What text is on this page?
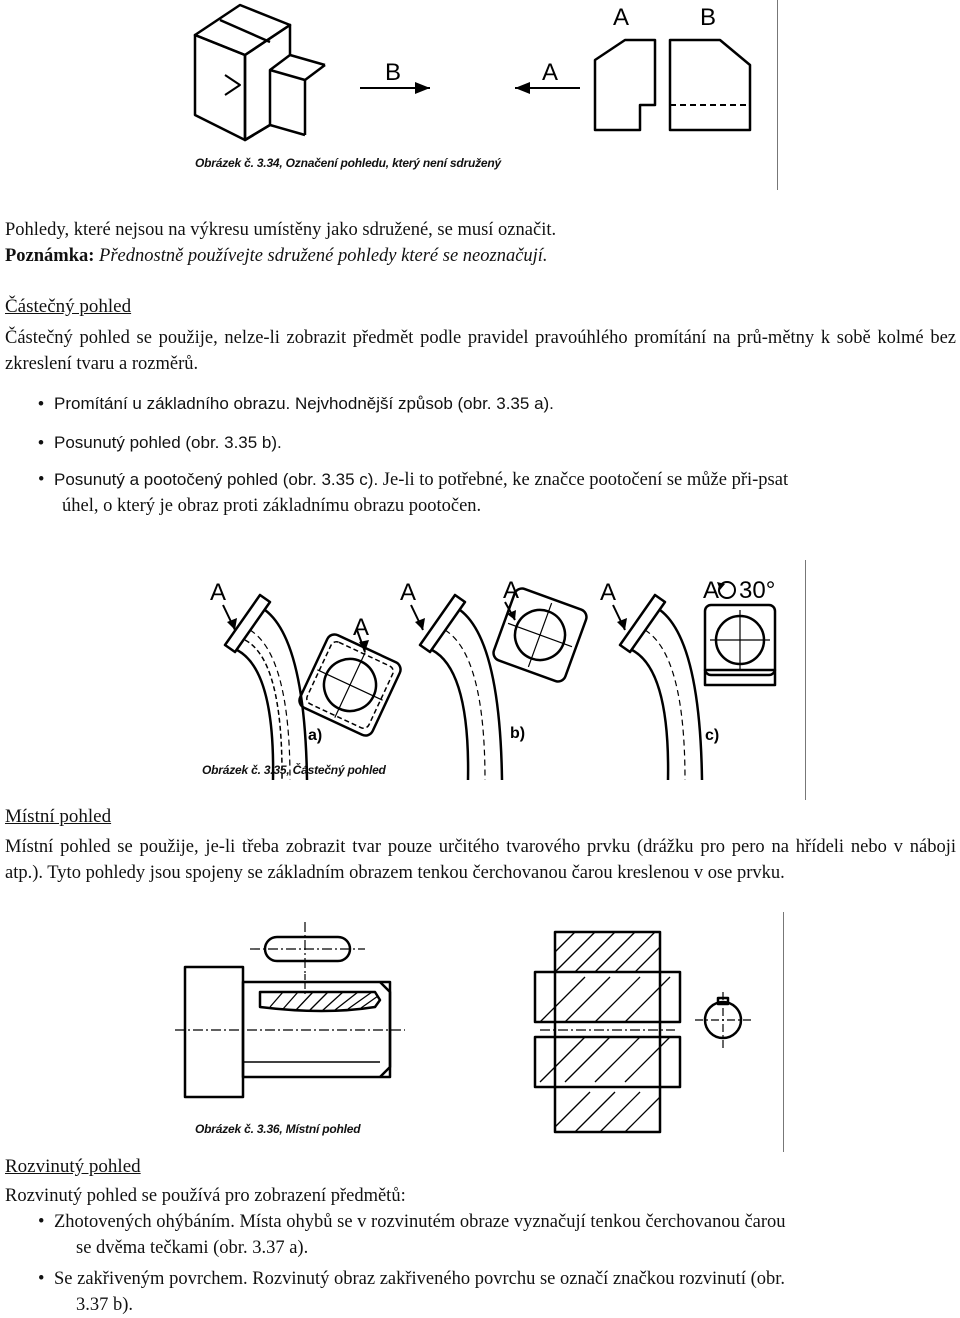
B	A
A	B
Obrázek č. 3.34, Označení pohledu, který není sdružený
Pohledy, které nejsou na výkresu umístěny jako sdružené, se musí označit.
Poznámka: Přednostně používejte sdružené pohledy které se neoznačují.
Částečný pohled
Částečný pohled se použije, nelze-li zobrazit předmět podle pravidel pravoúhlého promítání na prů-mětny k sobě kolmé bez zkreslení tvaru a rozměrů.
• Promítání u základního obrazu. Nejvhodnější způsob (obr. 3.35 a).
• Posunutý pohled (obr. 3.35 b).
• Posunutý a pootočený pohled (obr. 3.35 c). Je-li to potřebné, ke značce pootočení se může při-psat
úhel, o který je obraz proti základnímu obrazu pootočen.
A
A
A	A	A	A 30°
a)	b)	c)
Obrázek č. 3.35, Částečný pohled
Místní pohled
Místní pohled se použije, je-li třeba zobrazit tvar pouze určitého tvarového prvku (drážku pro pero na hřídeli nebo v náboji atp.). Tyto pohledy jsou spojeny se základním obrazem tenkou čerchovanou čarou kreslenou v ose prvku.
Obrázek č. 3.36, Místní pohled
Rozvinutý pohled
Rozvinutý pohled se používá pro zobrazení předmětů:
• Zhotovených ohýbáním. Místa ohybů se v rozvinutém obraze vyznačují tenkou čerchovanou čarou
se dvěma tečkami (obr. 3.37 a).
• Se zakřiveným povrchem. Rozvinutý obraz zakřiveného povrchu se označí značkou rozvinutí (obr.
3.37 b).
